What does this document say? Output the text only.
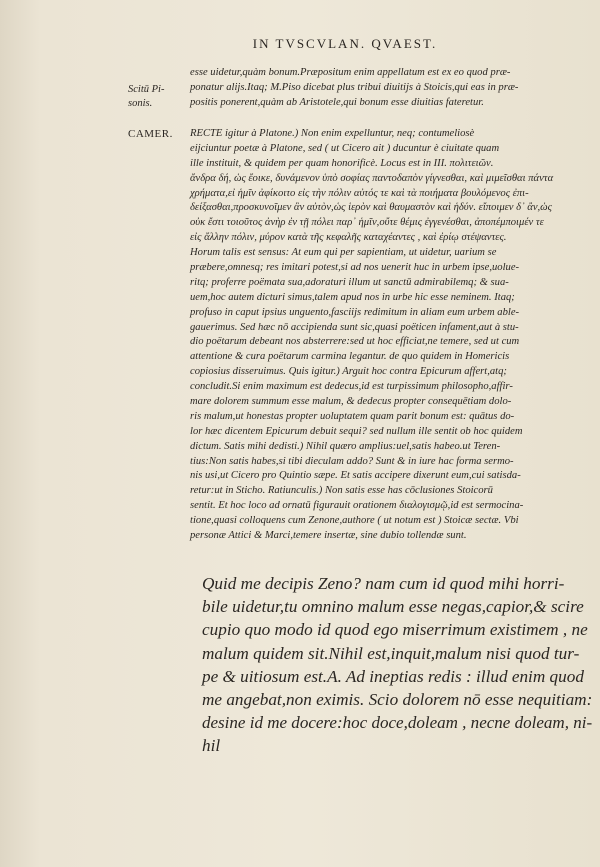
IN TVSCVLAN. QVAEST.
Scitū Pi-
sonis.
CAMER.
esse uidetur,quàm bonum.Præpositum enim appellatum est ex eo quod præ-
ponatur alijs.Itaq; M.Piso dicebat plus tribui diuitijs à Stoicis,qui eas in præ-
positis ponerent,quàm ab Aristotele,qui bonum esse diuitias fateretur.
RECTE igitur à Platone.) Non enim expelluntur, neq; contumeliosè
eijciuntur poetæ à Platone, sed ( ut Cicero ait ) ducuntur è ciuitate quam
ille instituit, & quidem per quam honorificè. Locus est in III. πολιτειῶν.
ἄνδρα δή, ὡς ἔοικε, δυνάμενον ὑπὸ σοφίας παντοδαπὸν γίγνεσθαι, καὶ μιμεῖσθαι πάντα
χρήματα,εἰ ἡμῖν ἀφίκοιτο εἰς τὴν πόλιν αὐτός τε καὶ τὰ ποιήματα βουλόμενος ἐπι-
δείξασθαι,προσκυνοῖμεν ἂν αὐτὸν,ὡς ἱερὸν καὶ θαυμαστὸν καὶ ἡδύν. εἴποιμεν δ᾽ ἂν,ὡς
οὐκ ἔστι τοιοῦτος ἀνὴρ ἐν τῇ πόλει παρ᾽ ἡμῖν,οὔτε θέμις ἐγγενέσθαι, ἀποπέμποιμέν τε
εἰς ἄλλην πόλιν, μύρον κατὰ τῆς κεφαλῆς καταχέαντες , καὶ ἐρίῳ στέψαντες.
Horum talis est sensus: At eum qui per sapientiam, ut uidetur, uarium se
præbere,omnesq; res imitari potest,si ad nos uenerit huc in urbem ipse,uolue-
ritq; proferre poëmata sua,adoraturi illum ut sanctū admirabilemq; & sua-
uem,hoc autem dicturi simus,talem apud nos in urbe hic esse neminem. Itaq;
profuso in caput ipsius unguento,fasciijs redimitum in aliam eum urbem able-
gauerimus. Sed hæc nō accipienda sunt sic,quasi poëticen infament,aut à stu-
dio poëtarum debeant nos absterrere:sed ut hoc efficiat,ne temere, sed ut cum
attentione & cura poëtarum carmina legantur. de quo quidem in Homericis
copiosius disseruimus. Quis igitur.) Arguit hoc contra Epicurum affert,atq;
concludit.Si enim maximum est dedecus,id est turpissimum philosopho,affir-
mare dolorem summum esse malum, & dedecus propter consequētiam dolo-
ris malum,ut honestas propter uoluptatem quam parit bonum est: quātus do-
lor hæc dicentem Epicurum debuit sequi? sed nullum ille sentit ob hoc quidem
dictum. Satis mihi dedisti.) Nihil quæro amplius:uel,satis habeo.ut Teren-
tius:Non satis habes,si tibi dieculam addo? Sunt & in iure hac forma sermo-
nis usi,ut Cicero pro Quintio sæpe. Et satis accipere dixerunt eum,cui satisda-
retur:ut in Sticho. Ratiunculis.) Non satis esse has cōclusiones Stoicorū
sentit. Et hoc loco ad ornatū figurauit orationem διαλογισμῷ,id est sermocina-
tione,quasi colloquens cum Zenone,authore ( ut notum est ) Stoicæ sectæ. Vbi
personæ Attici & Marci,temere insertæ, sine dubio tollendæ sunt.
Quid me decipis Zeno? nam cum id quod mihi horri-
bile uidetur,tu omnino malum esse negas,capior,& scire
cupio quo modo id quod ego miserrimum existimem , ne
malum quidem sit.Nihil est,inquit,malum nisi quod tur-
pe & uitiosum est.A. Ad ineptias redis : illud enim quod
me angebat,non eximis. Scio dolorem nō esse nequitiam:
desine id me docere:hoc doce,doleam , necne doleam, ni-
hil
